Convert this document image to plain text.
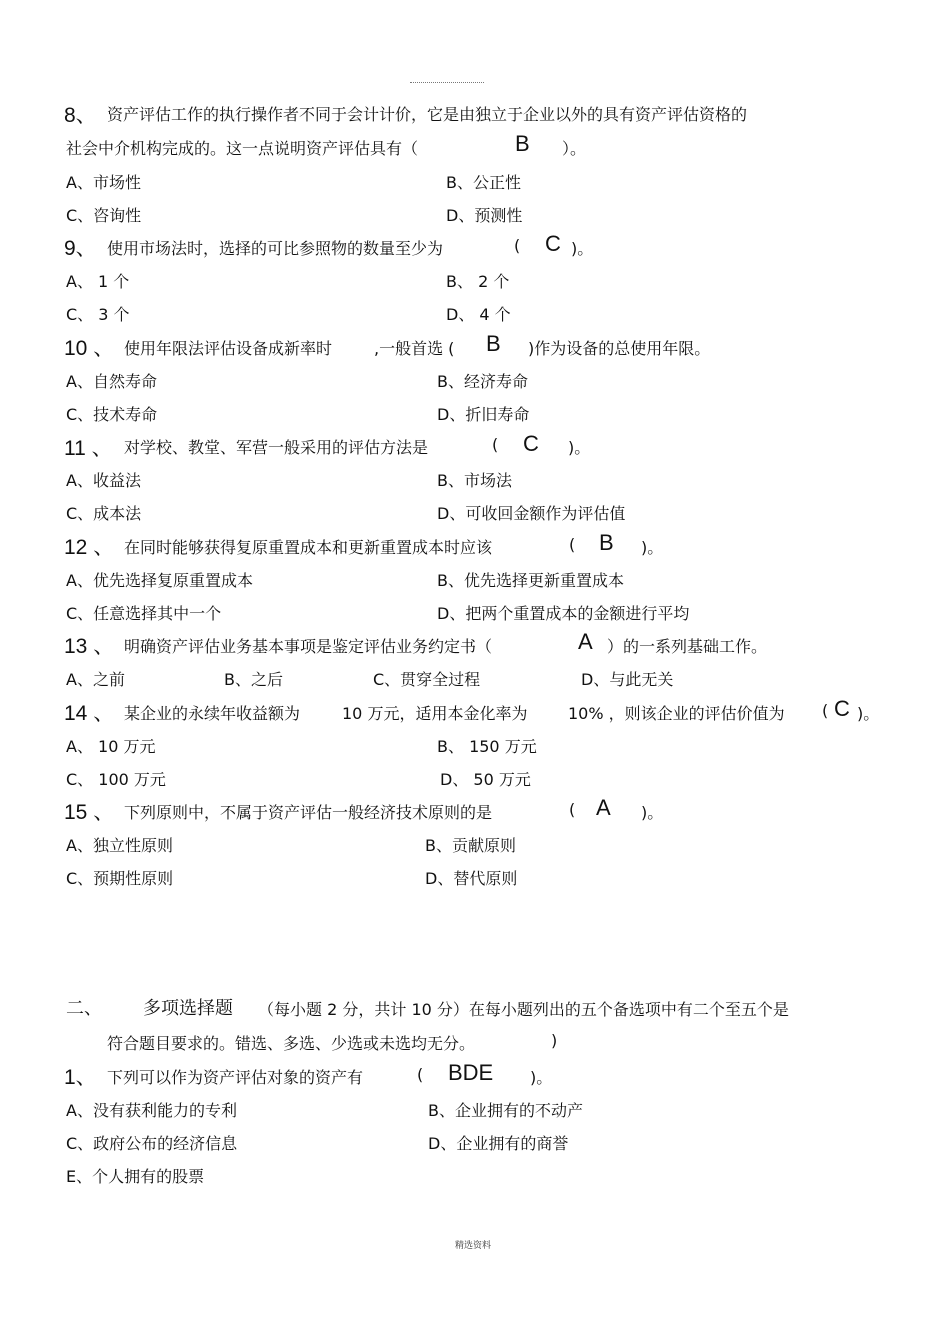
8、 资产评估工作的执行操作者不同于会计计价，它是由独立于企业以外的具有资产评估资格的
社会中介机构完成的。这一点说明资产评估具有（	B ）。
A、市场性	B、公正性
C、咨询性	D、预测性
9、 使用市场法时，选择的可比参照物的数量至少为	( C )。
A、 1 个	B、 2 个
C、 3 个	D、 4 个
10 、 使用年限法评估设备成新率时	,一般首选 ( B )作为设备的总使用年限。
A、自然寿命	B、经济寿命
C、技术寿命	D、折旧寿命
11 、 对学校、教堂、军营一般采用的评估方法是	( C )。
A、收益法	B、市场法
C、成本法	D、可收回金额作为评估值
12 、 在同时能够获得复原重置成本和更新重置成本时应该	( B )。
A、优先选择复原重置成本	B、优先选择更新重置成本
C、任意选择其中一个	D、把两个重置成本的金额进行平均
13 、 明确资产评估业务基本事项是鉴定评估业务约定书（	A ）的一系列基础工作。
A、之前	B、之后	C、贯穿全过程	D、与此无关
14 、 某企业的永续年收益额为	10 万元，适用本金化率为	10% ，则该企业的评估价值为 ( C )。
A、 10 万元	B、 150 万元
C、 100 万元	D、 50 万元
15 、 下列原则中，不属于资产评估一般经济技术原则的是	( A )。
A、独立性原则	B、贡献原则
C、预期性原则	D、替代原则
二、 多项选择题 （每小题 2 分，共计 10 分）在每小题列出的五个备选项中有二个至五个是
符合题目要求的。错选、多选、少选或未选均无分。	)
1、 下列可以作为资产评估对象的资产有	( BDE )。
A、没有获利能力的专利	B、企业拥有的不动产
C、政府公布的经济信息	D、企业拥有的商誉
E、个人拥有的股票
精选资料
